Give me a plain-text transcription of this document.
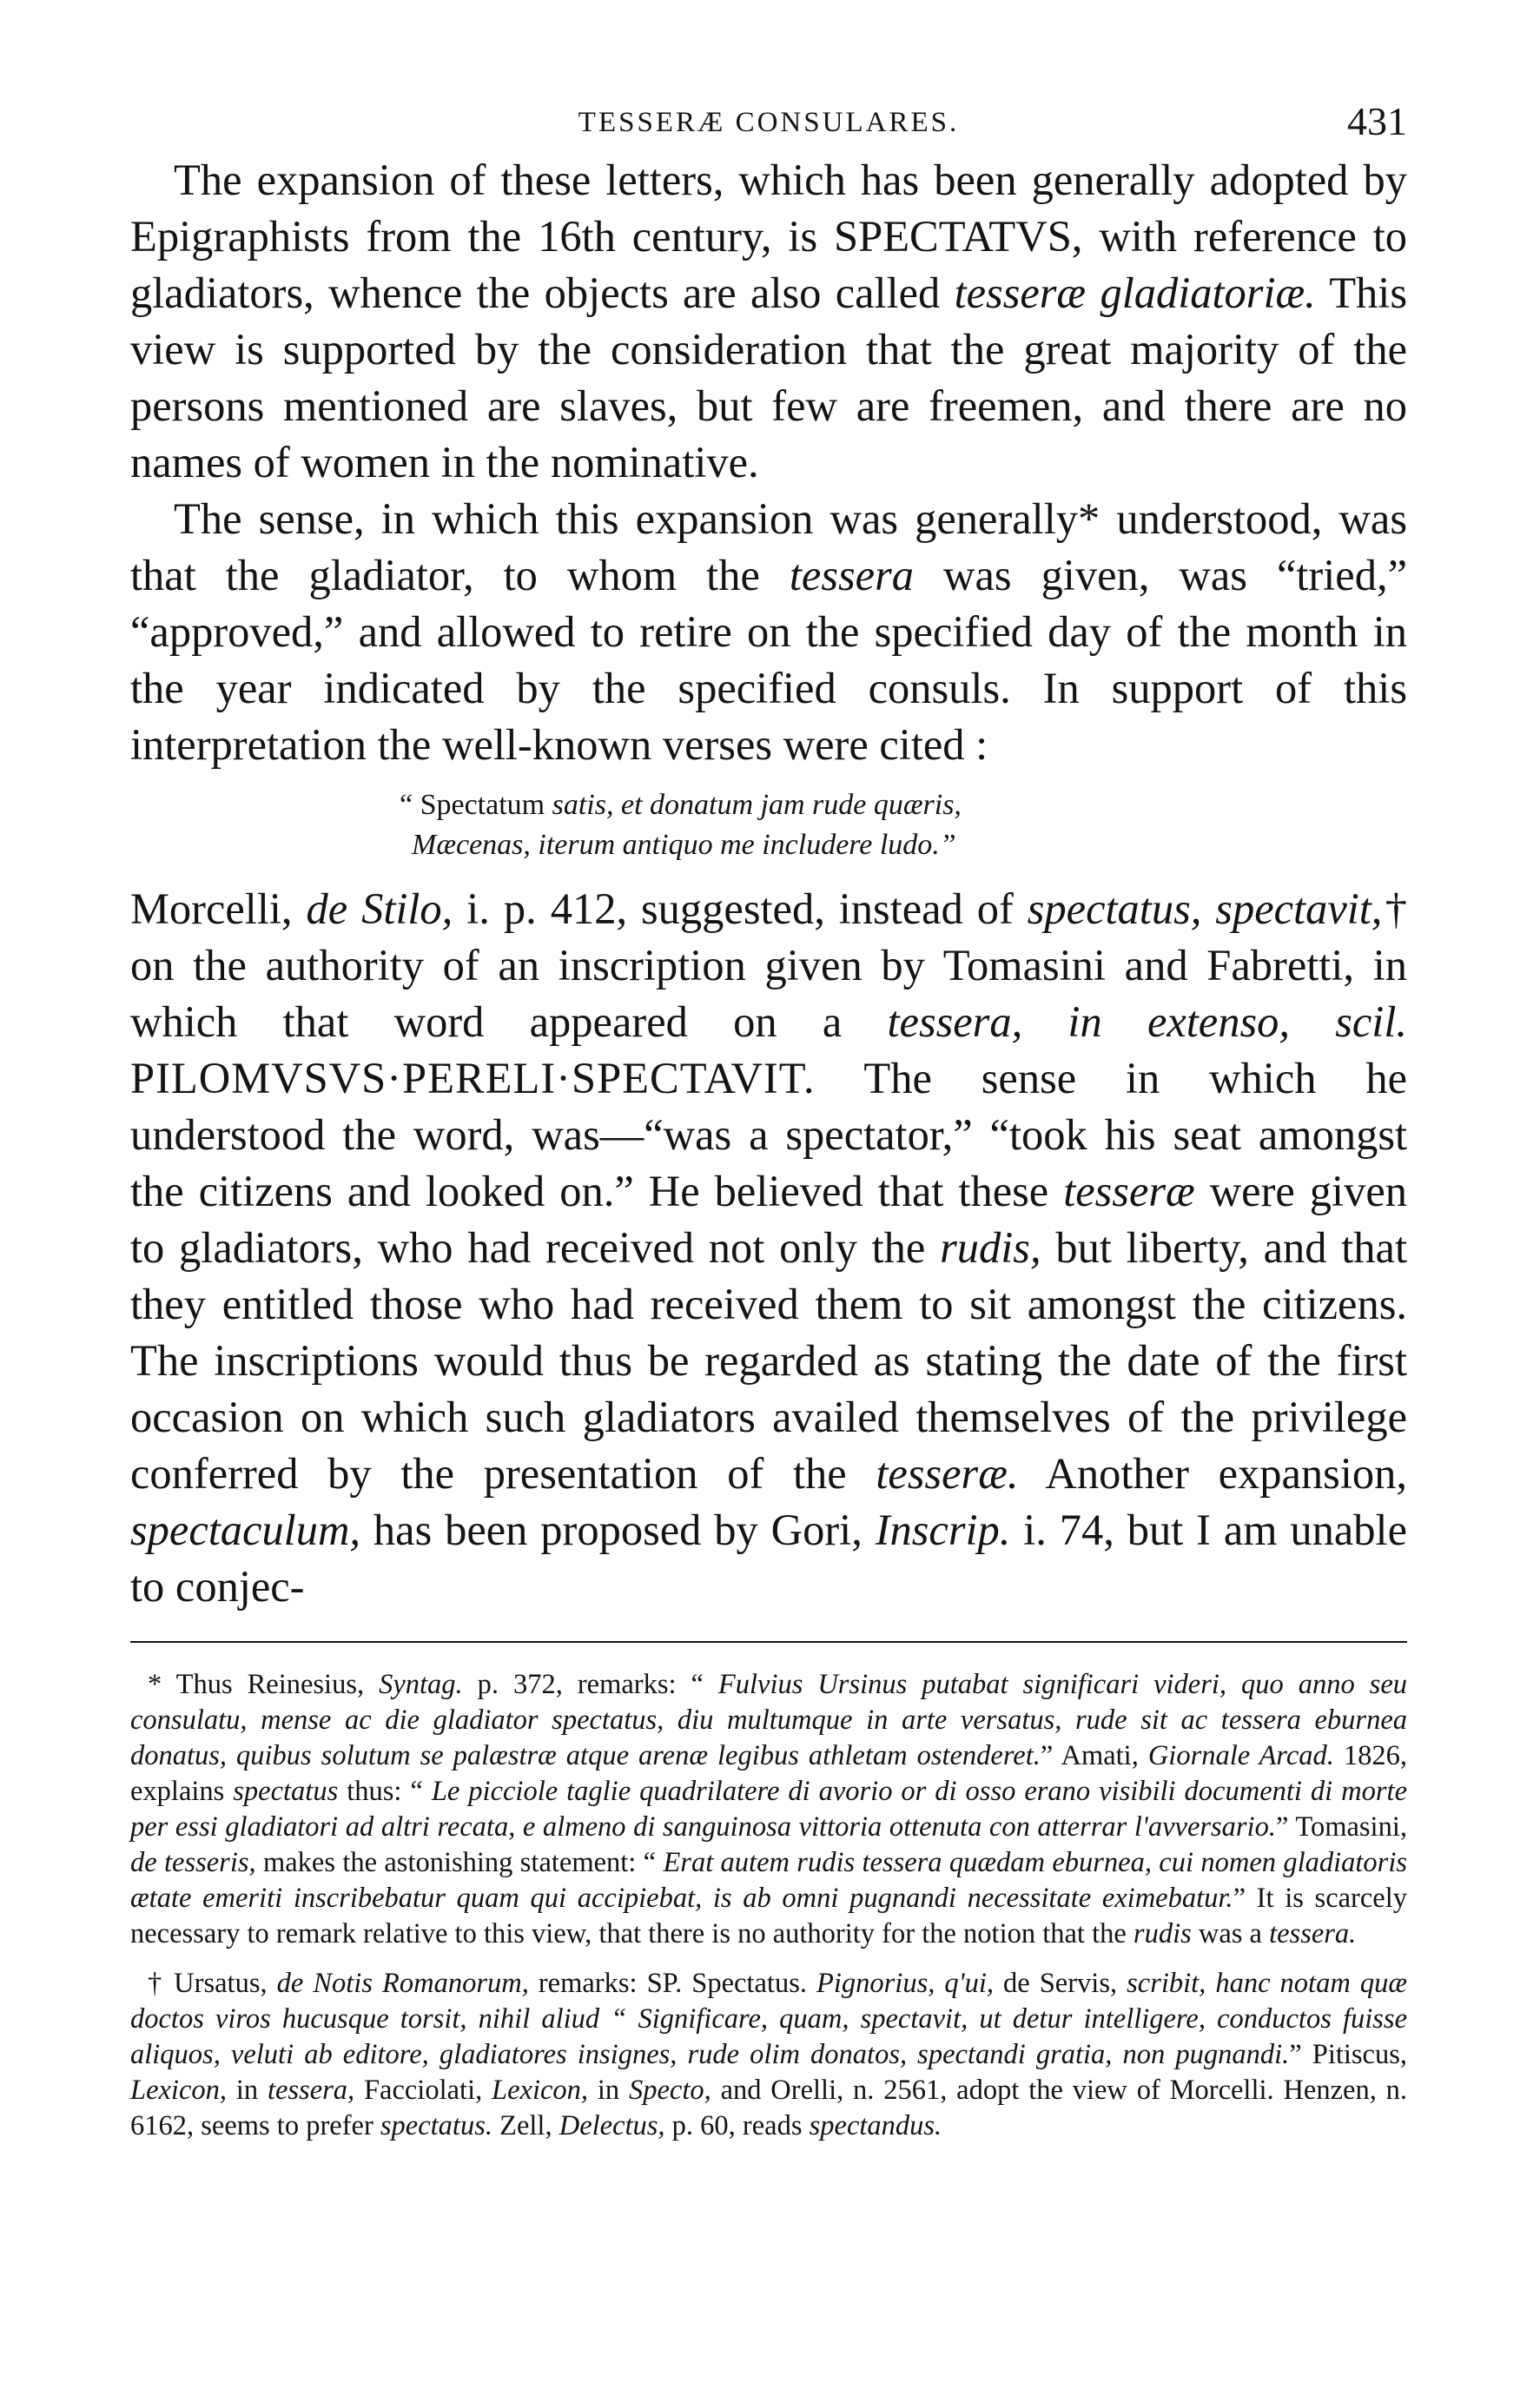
TESSERÆ CONSULARES.	431

The expansion of these letters, which has been generally adopted by Epigraphists from the 16th century, is SPECTATVS, with reference to gladiators, whence the objects are also called tesseræ gladiatoriæ. This view is supported by the consideration that the great majority of the persons mentioned are slaves, but few are freemen, and there are no names of women in the nominative.

The sense, in which this expansion was generally* understood, was that the gladiator, to whom the tessera was given, was “tried,” “approved,” and allowed to retire on the specified day of the month in the year indicated by the specified consuls. In support of this interpretation the well-known verses were cited :

“ Spectatum satis, et donatum jam rude quæris,
Mæcenas, iterum antiquo me includere ludo.”

Morcelli, de Stilo, i. p. 412, suggested, instead of spectatus, spectavit,† on the authority of an inscription given by Tomasini and Fabretti, in which that word appeared on a tessera, in extenso, scil. PILOMVSVS·PERELI·SPECTAVIT. The sense in which he understood the word, was—“was a spectator,” “took his seat amongst the citizens and looked on.” He believed that these tesseræ were given to gladiators, who had received not only the rudis, but liberty, and that they entitled those who had received them to sit amongst the citizens. The inscriptions would thus be regarded as stating the date of the first occasion on which such gladiators availed themselves of the privilege conferred by the presentation of the tesseræ. Another expansion, spectaculum, has been proposed by Gori, Inscrip. i. 74, but I am unable to conjec-

* Thus Reinesius, Syntag. p. 372, remarks: “ Fulvius Ursinus putabat significari videri, quo anno seu consulatu, mense ac die gladiator spectatus, diu multumque in arte versatus, rude sit ac tessera eburnea donatus, quibus solutum se palæstræ atque arenæ legibus athletam ostenderet.” Amati, Giornale Arcad. 1826, explains spectatus thus: “ Le picciole taglie quadrilatere di avorio or di osso erano visibili documenti di morte per essi gladiatori ad altri recata, e almeno di sanguinosa vittoria ottenuta con atterrar l'avversario.” Tomasini, de tesseris, makes the astonishing statement: “ Erat autem rudis tessera quædam eburnea, cui nomen gladiatoris ætate emeriti inscribebatur quam qui accipiebat, is ab omni pugnandi necessitate eximebatur.” It is scarcely necessary to remark relative to this view, that there is no authority for the notion that the rudis was a tessera.

† Ursatus, de Notis Romanorum, remarks: SP. Spectatus. Pignorius, q'ui, de Servis, scribit, hanc notam quæ doctos viros hucusque torsit, nihil aliud “ Significare, quam, spectavit, ut detur intelligere, conductos fuisse aliquos, veluti ab editore, gladiatores insignes, rude olim donatos, spectandi gratia, non pugnandi.” Pitiscus, Lexicon, in tessera, Facciolati, Lexicon, in Specto, and Orelli, n. 2561, adopt the view of Morcelli. Henzen, n. 6162, seems to prefer spectatus. Zell, Delectus, p. 60, reads spectandus.
